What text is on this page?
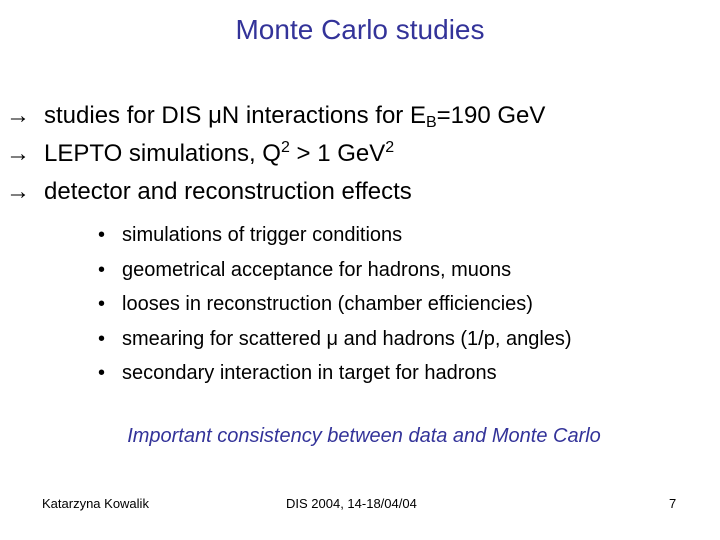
Monte Carlo studies
→ studies for DIS μN interactions for $E_B=190$ GeV
→ LEPTO simulations, $Q^2 > 1$ GeV$^2$
→ detector and reconstruction effects
• simulations of trigger conditions
• geometrical acceptance for hadrons, muons
• looses in reconstruction (chamber efficiencies)
• smearing for scattered μ and hadrons (1/p, angles)
• secondary interaction in target for hadrons
Important consistency between data and Monte Carlo
Katarzyna Kowalik	DIS 2004, 14-18/04/04	7
